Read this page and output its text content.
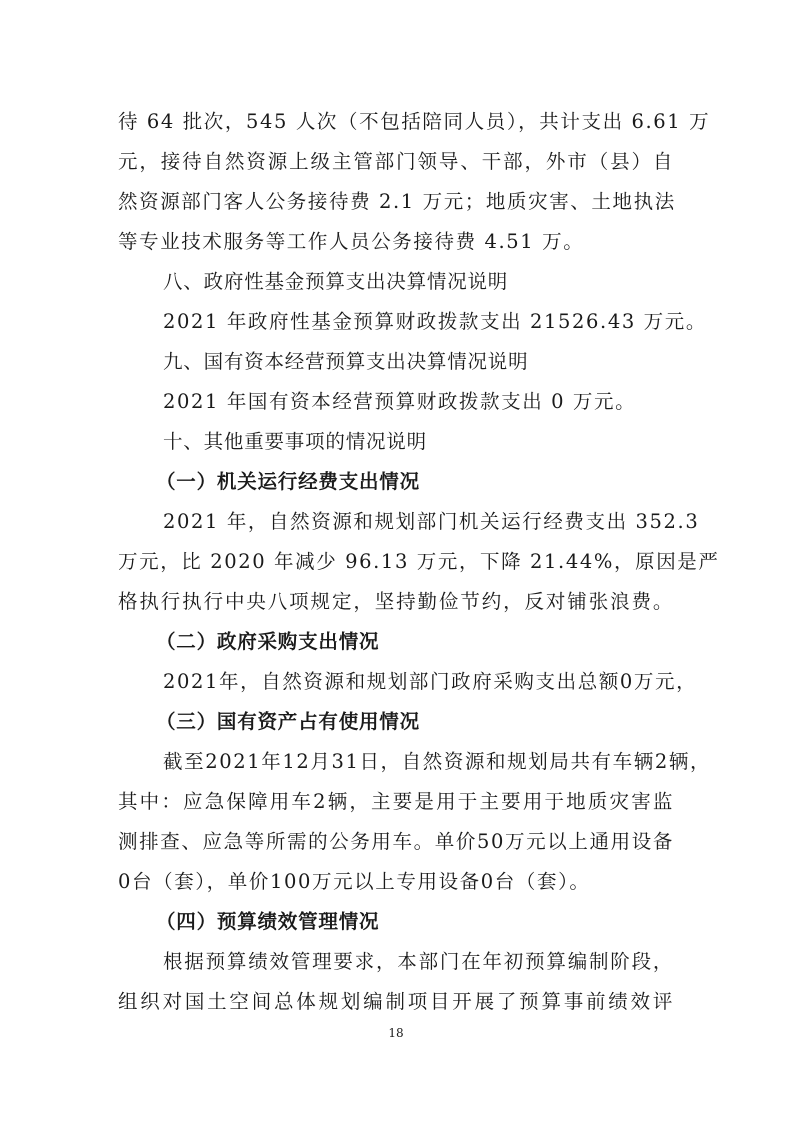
待 64 批次，545 人次（不包括陪同人员），共计支出 6.61 万
元，接待自然资源上级主管部门领导、干部，外市（县）自
然资源部门客人公务接待费 2.1 万元；地质灾害、土地执法
等专业技术服务等工作人员公务接待费 4.51 万。
八、政府性基金预算支出决算情况说明
2021 年政府性基金预算财政拨款支出 21526.43 万元。
九、国有资本经营预算支出决算情况说明
2021 年国有资本经营预算财政拨款支出 0 万元。
十、其他重要事项的情况说明
（一）机关运行经费支出情况
2021 年，自然资源和规划部门机关运行经费支出 352.3
万元，比 2020 年减少 96.13 万元，下降 21.44%，原因是严
格执行执行中央八项规定，坚持勤俭节约，反对铺张浪费。
（二）政府采购支出情况
2021年，自然资源和规划部门政府采购支出总额0万元，
（三）国有资产占有使用情况
截至2021年12月31日，自然资源和规划局共有车辆2辆，
其中：应急保障用车2辆，主要是用于主要用于地质灾害监
测排查、应急等所需的公务用车。单价50万元以上通用设备
0台（套），单价100万元以上专用设备0台（套）。
（四）预算绩效管理情况
根据预算绩效管理要求，本部门在年初预算编制阶段，
组织对国土空间总体规划编制项目开展了预算事前绩效评
18
